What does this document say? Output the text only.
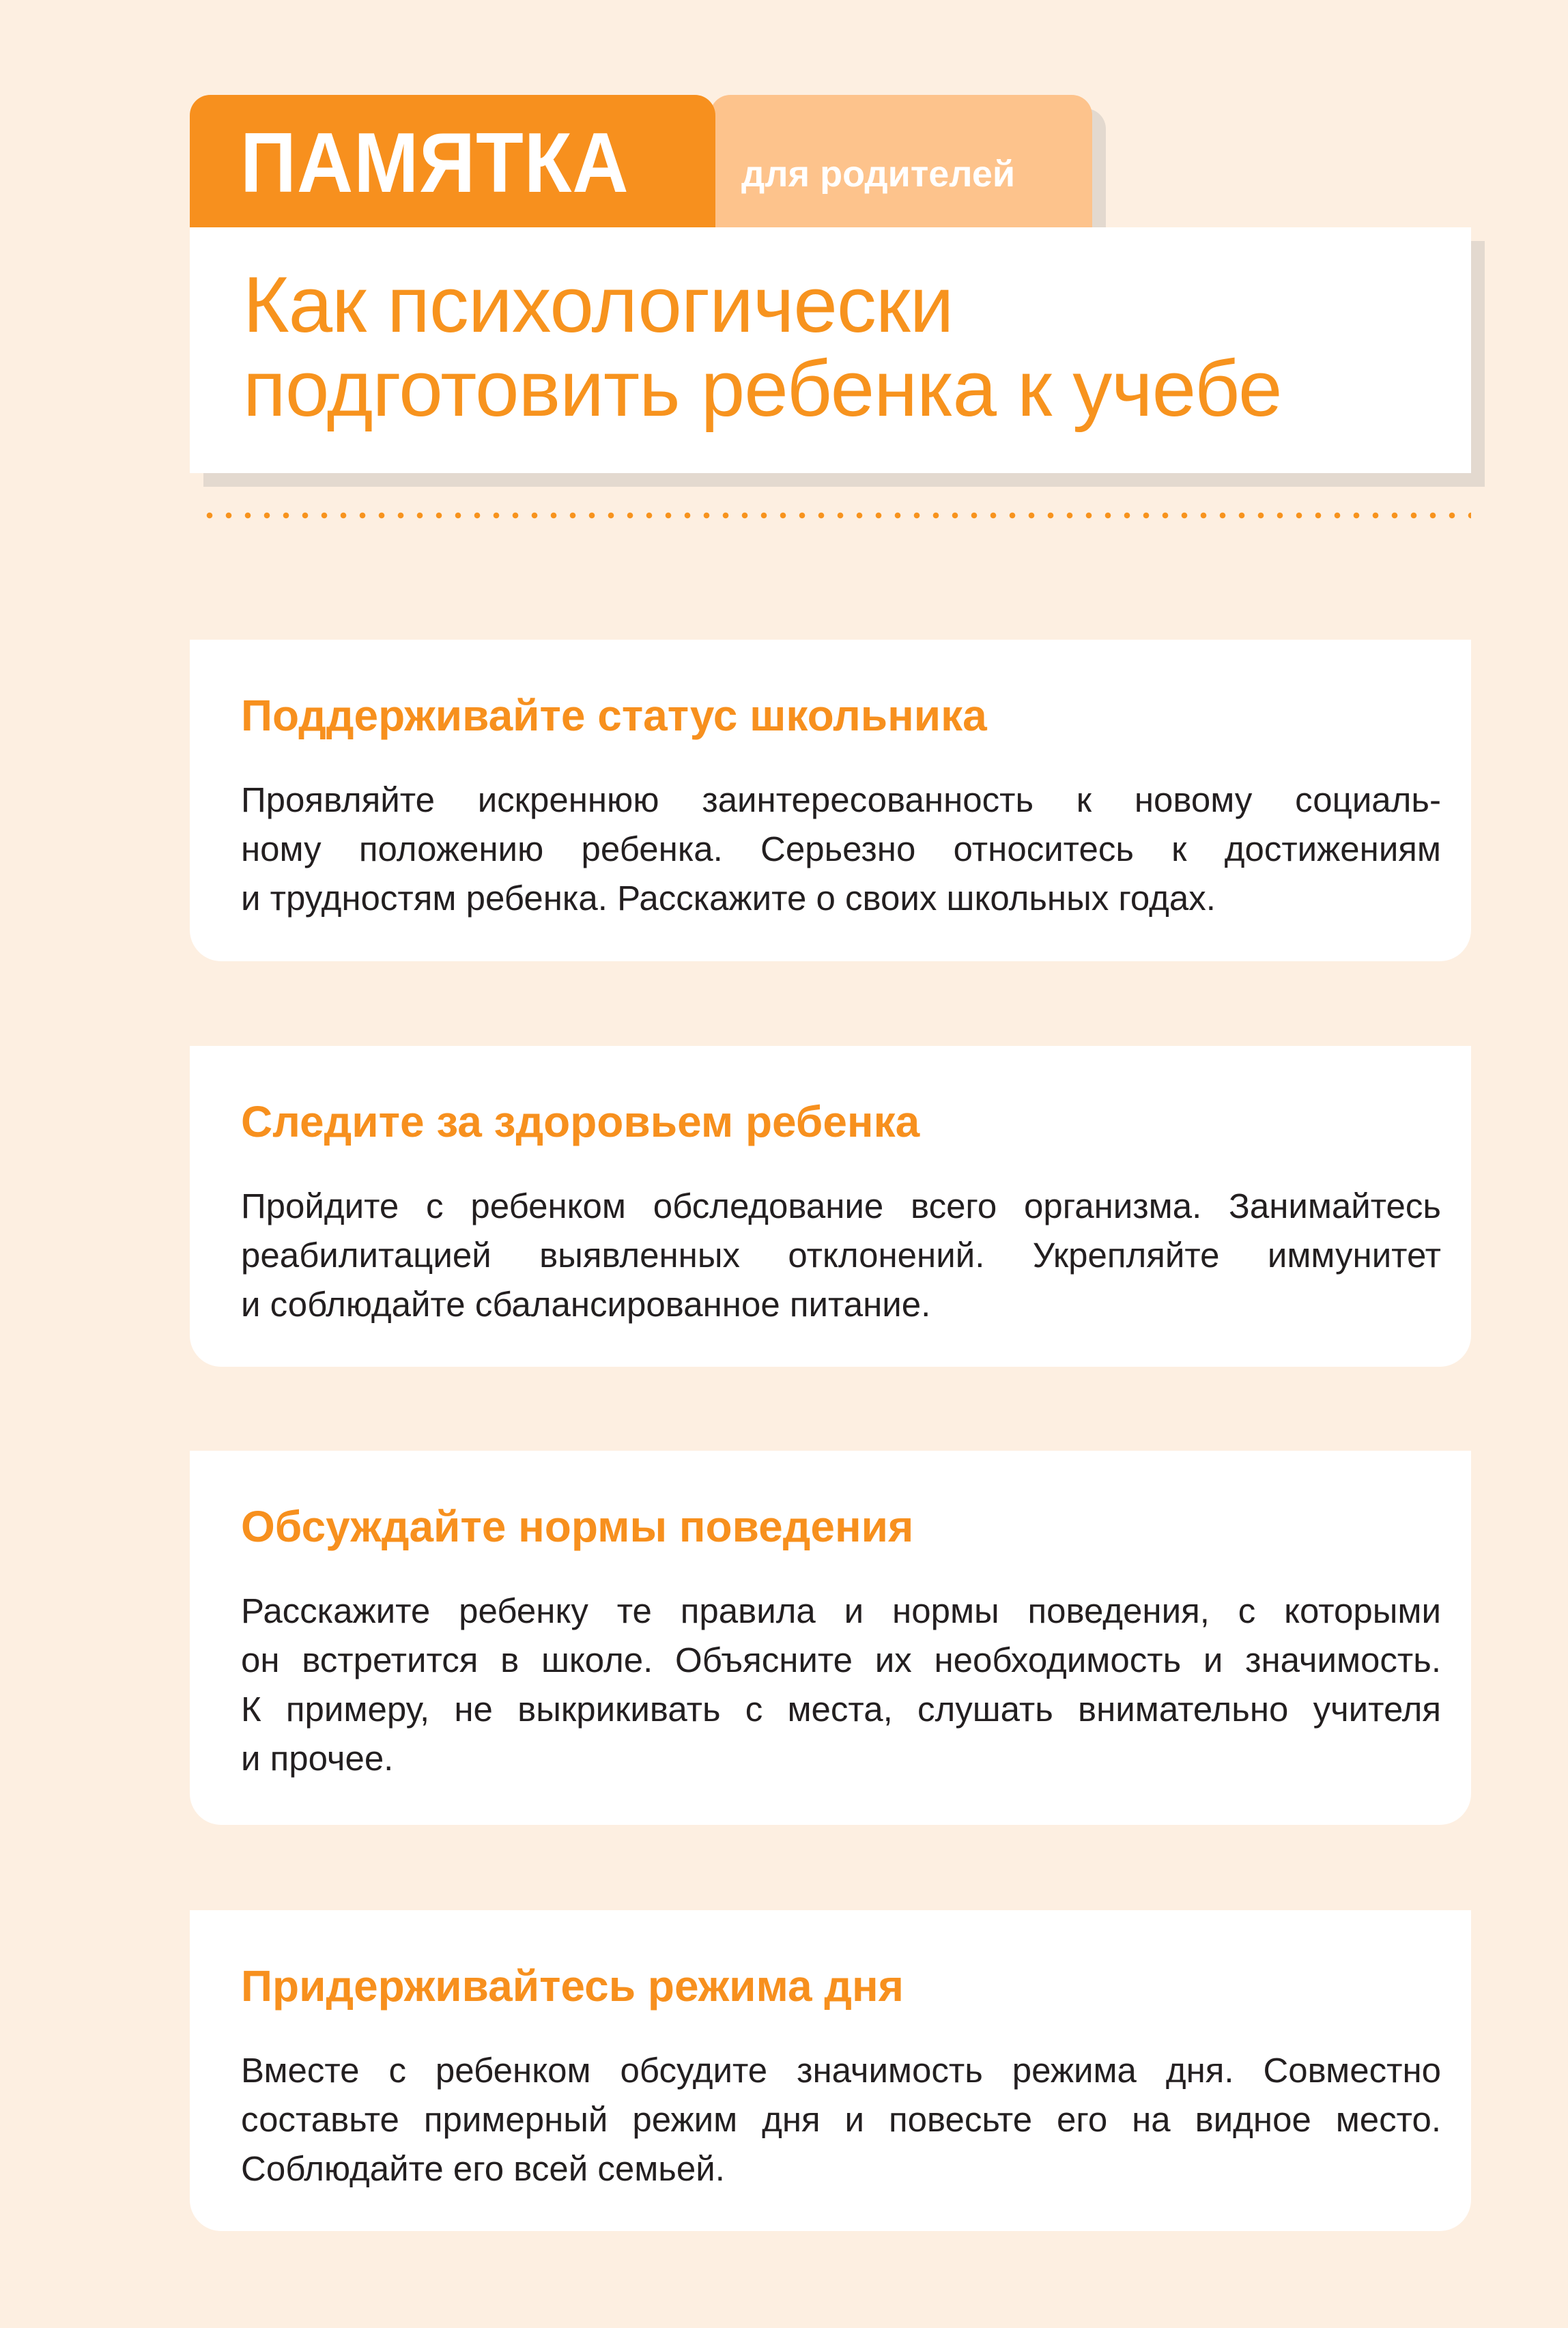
ПАМЯТКА	для родителей
Как психологически
подготовить ребенка к учебе
Поддерживайте статус школьника
Проявляйте искреннюю заинтересованность к новому социаль-
ному положению ребенка. Серьезно относитесь к достижениям
и трудностям ребенка. Расскажите о своих школьных годах.
Следите за здоровьем ребенка
Пройдите с ребенком обследование всего организма. Занимайтесь
реабилитацией выявленных отклонений. Укрепляйте иммунитет
и соблюдайте сбалансированное питание.
Обсуждайте нормы поведения
Расскажите ребенку те правила и нормы поведения, с которыми
он встретится в школе. Объясните их необходимость и значимость.
К примеру, не выкрикивать с места, слушать внимательно учителя
и прочее.
Придерживайтесь режима дня
Вместе с ребенком обсудите значимость режима дня. Совместно
составьте примерный режим дня и повесьте его на видное место.
Соблюдайте его всей семьей.
